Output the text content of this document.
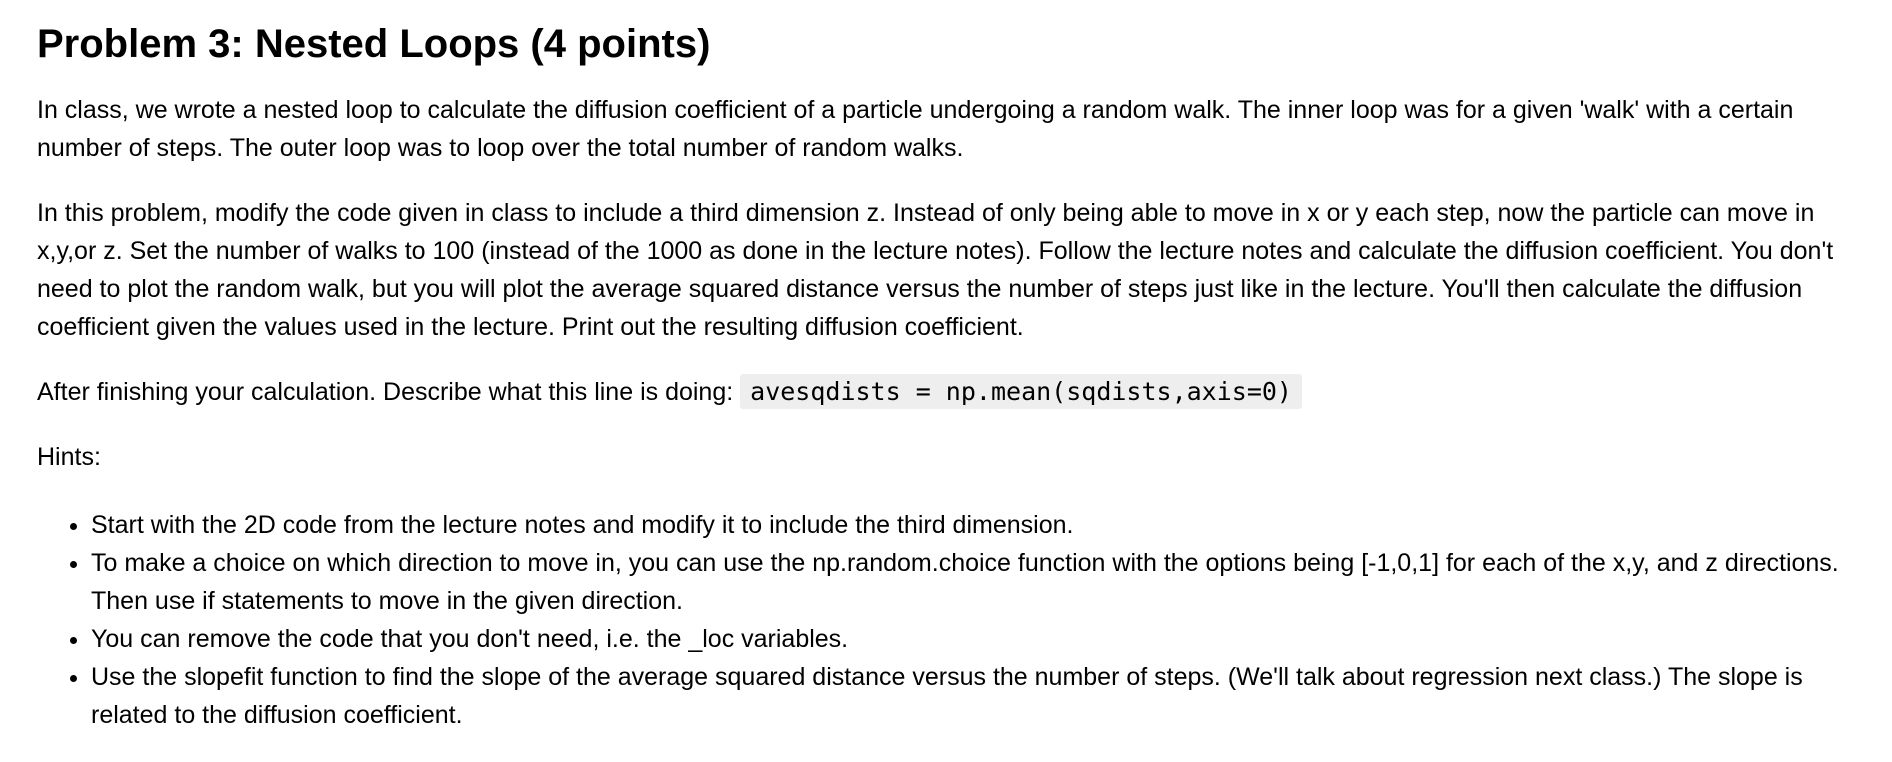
Problem 3: Nested Loops (4 points)

In class, we wrote a nested loop to calculate the diffusion coefficient of a particle undergoing a random walk. The inner loop was for a given 'walk' with a certain number of steps. The outer loop was to loop over the total number of random walks.

In this problem, modify the code given in class to include a third dimension z. Instead of only being able to move in x or y each step, now the particle can move in x,y,or z. Set the number of walks to 100 (instead of the 1000 as done in the lecture notes). Follow the lecture notes and calculate the diffusion coefficient. You don't need to plot the random walk, but you will plot the average squared distance versus the number of steps just like in the lecture. You'll then calculate the diffusion coefficient given the values used in the lecture. Print out the resulting diffusion coefficient.

After finishing your calculation. Describe what this line is doing: avesqdists = np.mean(sqdists,axis=0)

Hints:

• Start with the 2D code from the lecture notes and modify it to include the third dimension.
• To make a choice on which direction to move in, you can use the np.random.choice function with the options being [-1,0,1] for each of the x,y, and z directions. Then use if statements to move in the given direction.
• You can remove the code that you don't need, i.e. the _loc variables.
• Use the slopefit function to find the slope of the average squared distance versus the number of steps. (We'll talk about regression next class.) The slope is related to the diffusion coefficient.
